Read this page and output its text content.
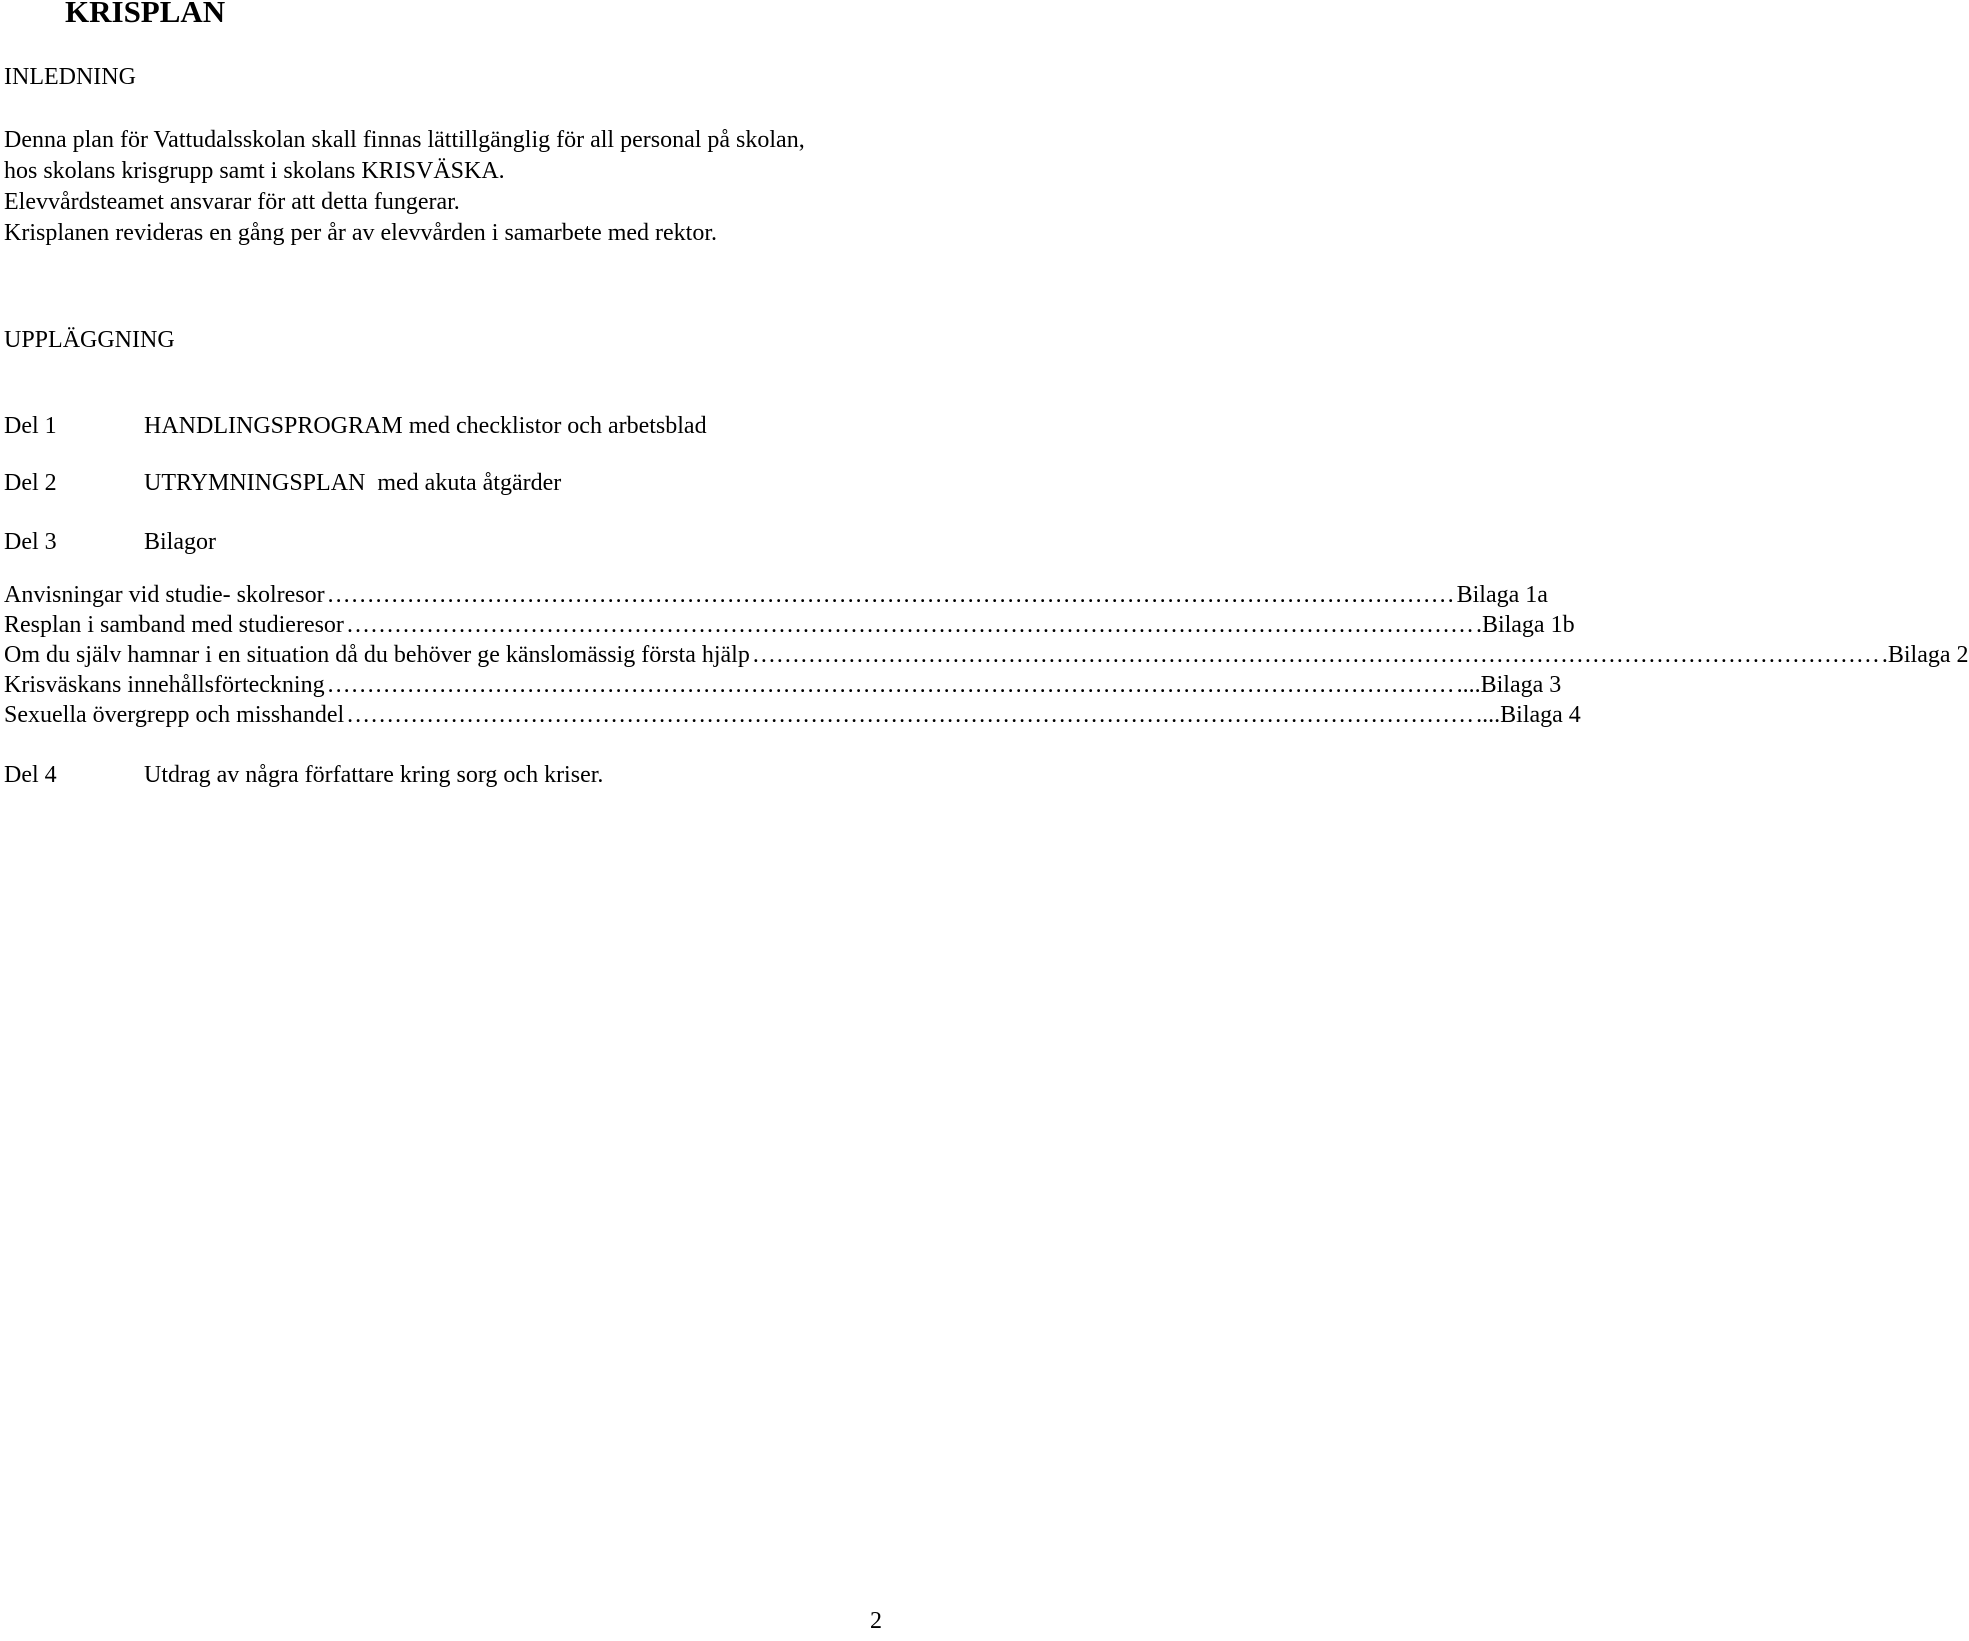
KRISPLAN
INLEDNING

Denna plan för Vattudalsskolan skall finnas lättillgänglig för all personal på skolan,
hos skolans krisgrupp samt i skolans KRISVÄSKA.
Elevvårdsteamet ansvarar för att detta fungerar.
Krisplanen revideras en gång per år av elevvården i samarbete med rektor.

UPPLÄGGNING
Del 1	HANDLINGSPROGRAM med checklistor och arbetsblad
Del 2	UTRYMNINGSPLAN  med akuta åtgärder
Del 3	Bilagor
Anvisningar vid studie- skolresor …………………………………………………………………………………………………………………………… Bilaga 1a
Resplan i samband med studieresor …………………………………………………………………………………………………………………………… .Bilaga 1b
Om du själv hamnar i en situation då du behöver ge känslomässig första hjälp …………………………………………………………………………………………………………………………… .Bilaga 2
Krisväskans innehållsförteckning …………………………………………………………………………………………………………………………… ....Bilaga 3
Sexuella övergrepp och misshandel …………………………………………………………………………………………………………………………… ....Bilaga 4
Del 4	Utdrag av några författare kring sorg och kriser.
2
